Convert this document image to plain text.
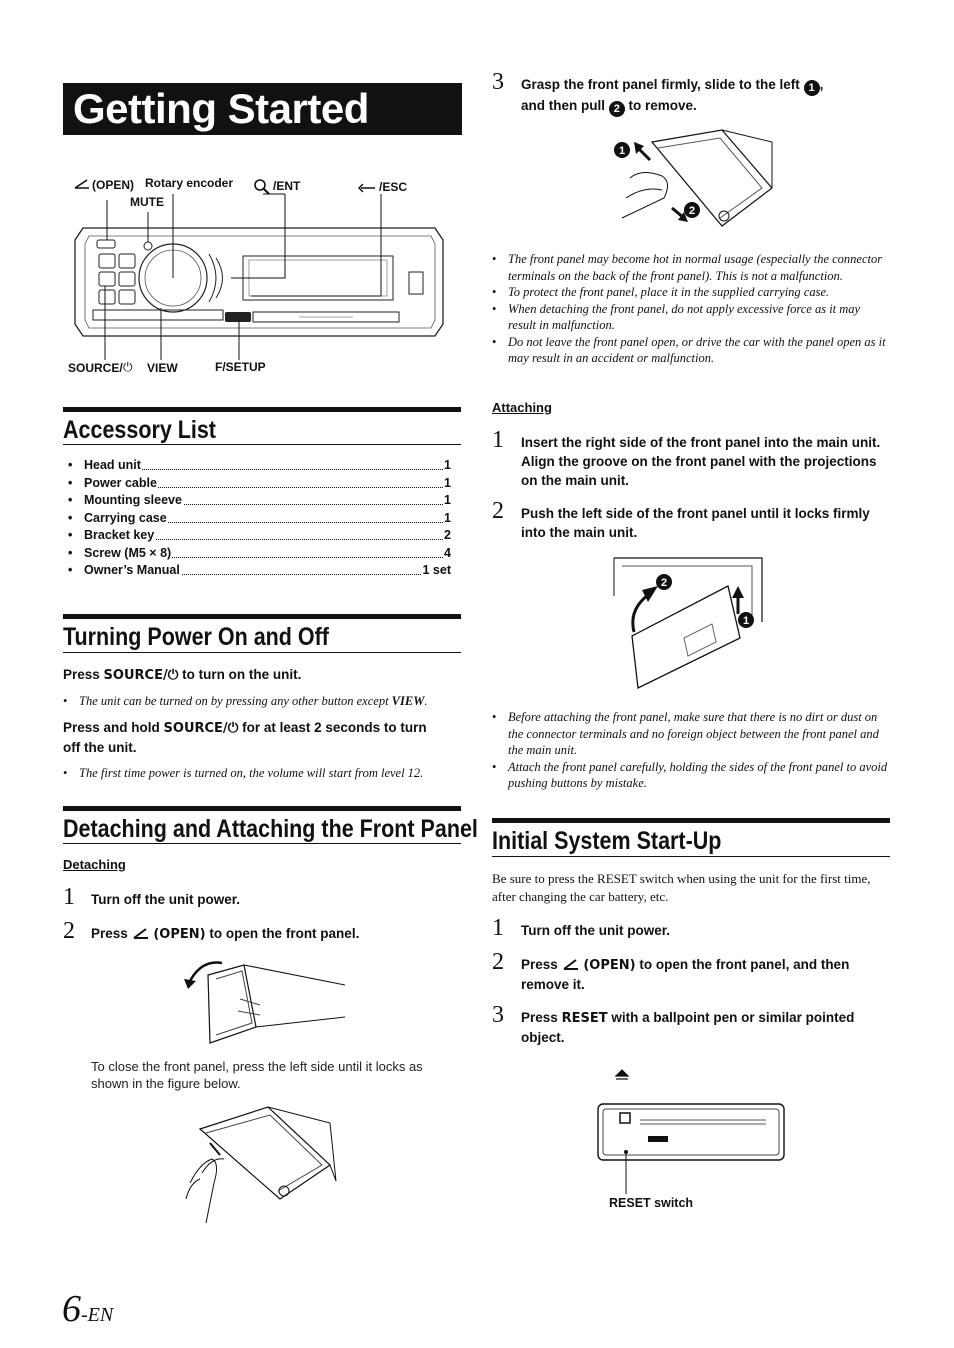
Getting Started
(OPEN) Rotary encoder
MUTE
/ENT	/ESC
SOURCE/ ⏻ VIEW	F/SETUP
Accessory List
• Head unit	1
• Power cable	1
• Mounting sleeve	1
• Carrying case	1
• Bracket key	2
• Screw (M5 × 8)	4
• Owner’s Manual	1 set
Turning Power On and Off
Press SOURCE/⏻ to turn on the unit.
• The unit can be turned on by pressing any other button except VIEW.
Press and hold SOURCE/⏻ for at least 2 seconds to turn
off the unit.
• The first time power is turned on, the volume will start from level 12.
Detaching and Attaching the Front Panel
Detaching
1 Turn off the unit power.
2 Press (OPEN) to open the front panel.
To close the front panel, press the left side until it locks as shown in the figure below.
3 Grasp the front panel firmly, slide to the left 1 ,
and then pull 2 to remove.
1
2
• The front panel may become hot in normal usage (especially the connector terminals on the back of the front panel). This is not a malfunction.
• To protect the front panel, place it in the supplied carrying case.
• When detaching the front panel, do not apply excessive force as it may result in malfunction.
• Do not leave the front panel open, or drive the car with the panel open as it may result in an accident or malfunction.
Attaching
1 Insert the right side of the front panel into the main unit. Align the groove on the front panel with the projections on the main unit.
2 Push the left side of the front panel until it locks firmly into the main unit.
2
1
• Before attaching the front panel, make sure that there is no dirt or dust on the connector terminals and no foreign object between the front panel and the main unit.
• Attach the front panel carefully, holding the sides of the front panel to avoid pushing buttons by mistake.
Initial System Start-Up
Be sure to press the RESET switch when using the unit for the first time, after changing the car battery, etc.
1 Turn off the unit power.
2 Press (OPEN) to open the front panel, and then
remove it.
3 Press RESET with a ballpoint pen or similar pointed
object.
RESET switch
6-EN
